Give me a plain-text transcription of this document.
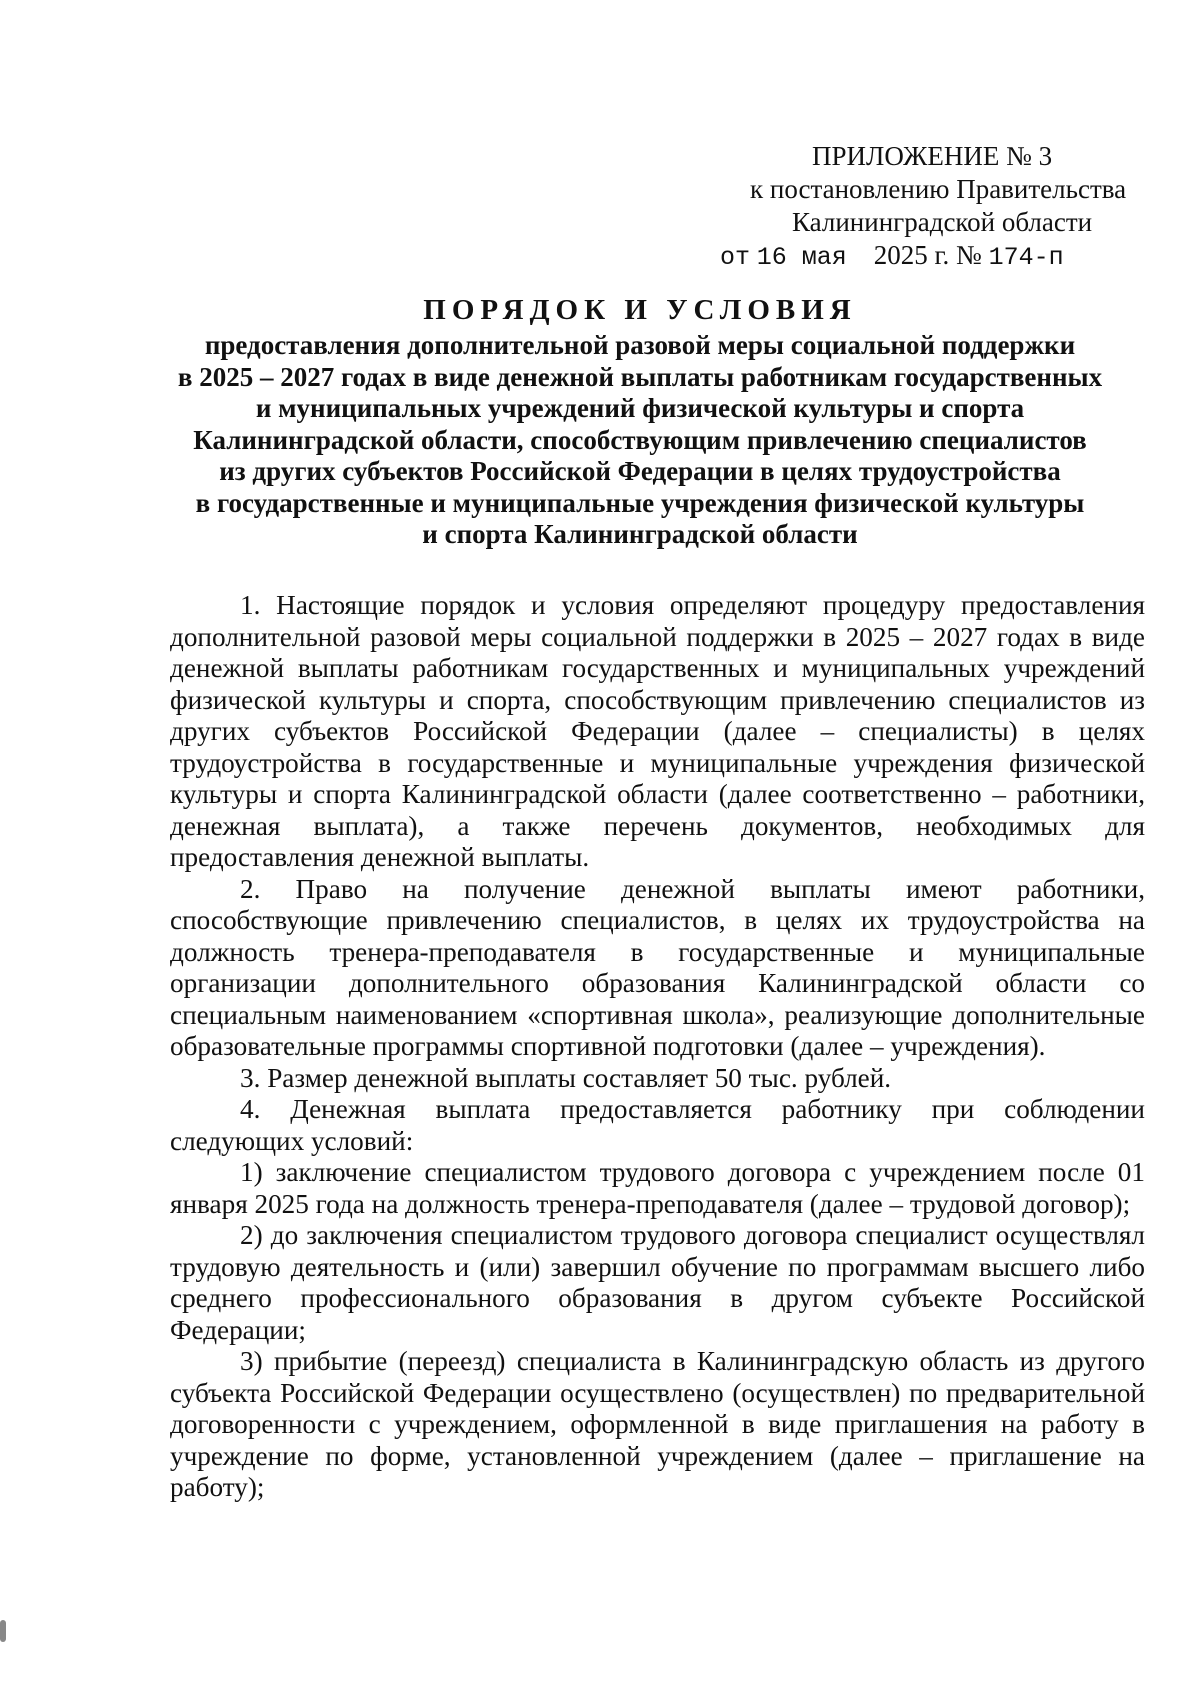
ПРИЛОЖЕНИЕ № 3
к постановлению Правительства
Калининградской области
от 16 мая 2025 г. № 174-п
ПОРЯДОК И УСЛОВИЯ
предоставления дополнительной разовой меры социальной поддержки
в 2025 – 2027 годах в виде денежной выплаты работникам государственных
и муниципальных учреждений физической культуры и спорта
Калининградской области, способствующим привлечению специалистов
из других субъектов Российской Федерации в целях трудоустройства
в государственные и муниципальные учреждения физической культуры
и спорта Калининградской области

1. Настоящие порядок и условия определяют процедуру предоставления дополнительной разовой меры социальной поддержки в 2025 – 2027 годах в виде денежной выплаты работникам государственных и муниципальных учреждений физической культуры и спорта, способствующим привлечению специалистов из других субъектов Российской Федерации (далее – специалисты) в целях трудоустройства в государственные и муниципальные учреждения физической культуры и спорта Калининградской области (далее соответственно – работники, денежная выплата), а также перечень документов, необходимых для предоставления денежной выплаты.

2. Право на получение денежной выплаты имеют работники, способствующие привлечению специалистов, в целях их трудоустройства на должность тренера-преподавателя в государственные и муниципальные организации дополнительного образования Калининградской области со специальным наименованием «спортивная школа», реализующие дополнительные образовательные программы спортивной подготовки (далее – учреждения).

3. Размер денежной выплаты составляет 50 тыс. рублей.

4. Денежная выплата предоставляется работнику при соблюдении следующих условий:

1) заключение специалистом трудового договора с учреждением после 01 января 2025 года на должность тренера-преподавателя (далее – трудовой договор);

2) до заключения специалистом трудового договора специалист осуществлял трудовую деятельность и (или) завершил обучение по программам высшего либо среднего профессионального образования в другом субъекте Российской Федерации;

3) прибытие (переезд) специалиста в Калининградскую область из другого субъекта Российской Федерации осуществлено (осуществлен) по предварительной договоренности с учреждением, оформленной в виде приглашения на работу в учреждение по форме, установленной учреждением (далее – приглашение на работу);
